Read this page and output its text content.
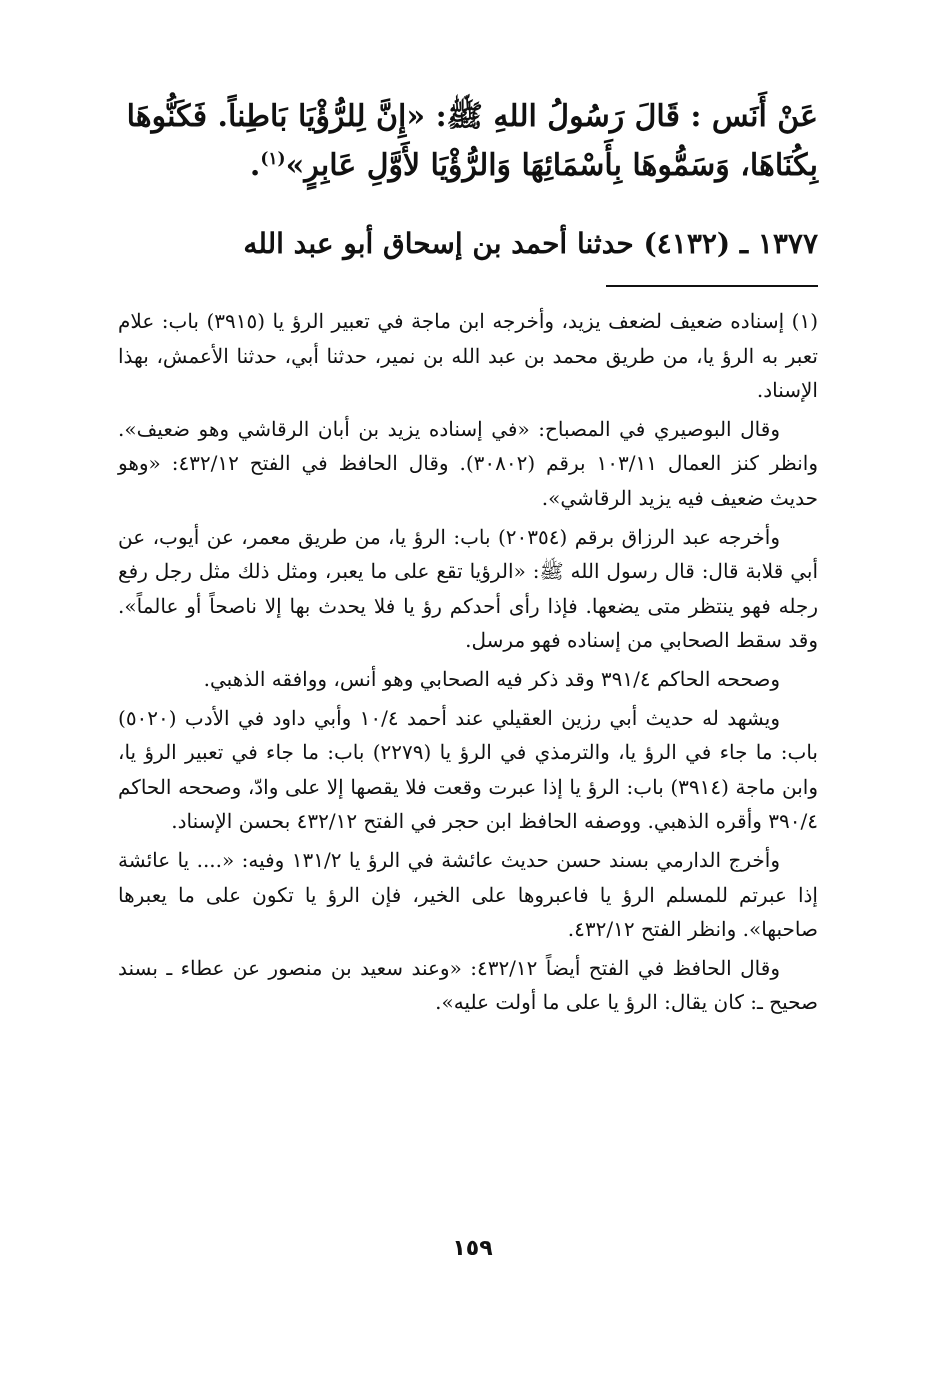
عَنْ أَنَس : قَالَ رَسُولُ اللهِ ﷺ: «إِنَّ لِلرُّؤْيَا بَاطِناً. فَكَنُّوهَا

بِكُنَاهَا، وَسَمُّوهَا بِأَسْمَائِهَا وَالرُّؤْيَا لأَوَّلِ عَابِرٍ»$^{(١)}$.

١٣٧٧ ـ (٤١٣٢) حدثنا أحمد بن إسحاق أبو عبد الله

(١) إسناده ضعيف لضعف يزيد، وأخرجه ابن ماجة في تعبير الرؤ يا (٣٩١٥) باب: علام تعبر به الرؤ يا، من طريق محمد بن عبد الله بن نمير، حدثنا أبي، حدثنا الأعمش، بهذا الإسناد.

وقال البوصيري في المصباح: «في إسناده يزيد بن أبان الرقاشي وهو ضعيف». وانظر كنز العمال ١٠٣/١١ برقم (٣٠٨٠٢). وقال الحافظ في الفتح ٤٣٢/١٢: «وهو حديث ضعيف فيه يزيد الرقاشي».

وأخرجه عبد الرزاق برقم (٢٠٣٥٤) باب: الرؤ يا، من طريق معمر، عن أيوب، عن أبي قلابة قال: قال رسول الله ﷺ: «الرؤيا تقع على ما يعبر، ومثل ذلك مثل رجل رفع رجله فهو ينتظر متى يضعها. فإذا رأى أحدكم رؤ يا فلا يحدث بها إلا ناصحاً أو عالماً». وقد سقط الصحابي من إسناده فهو مرسل.

وصححه الحاكم ٣٩١/٤ وقد ذكر فيه الصحابي وهو أنس، ووافقه الذهبي.

ويشهد له حديث أبي رزين العقيلي عند أحمد ١٠/٤ وأبي داود في الأدب (٥٠٢٠) باب: ما جاء في الرؤ يا، والترمذي في الرؤ يا (٢٢٧٩) باب: ما جاء في تعبير الرؤ يا، وابن ماجة (٣٩١٤) باب: الرؤ يا إذا عبرت وقعت فلا يقصها إلا على وادّ، وصححه الحاكم ٣٩٠/٤ وأقره الذهبي. ووصفه الحافظ ابن حجر في الفتح ٤٣٢/١٢ بحسن الإسناد.

وأخرج الدارمي بسند حسن حديث عائشة في الرؤ يا ١٣١/٢ وفيه: «.... يا عائشة إذا عبرتم للمسلم الرؤ يا فاعبروها على الخير، فإن الرؤ يا تكون على ما يعبرها صاحبها». وانظر الفتح ٤٣٢/١٢.

وقال الحافظ في الفتح أيضاً ٤٣٢/١٢: «وعند سعيد بن منصور عن عطاء ـ بسند صحيح ـ: كان يقال: الرؤ يا على ما أولت عليه».

١٥٩
